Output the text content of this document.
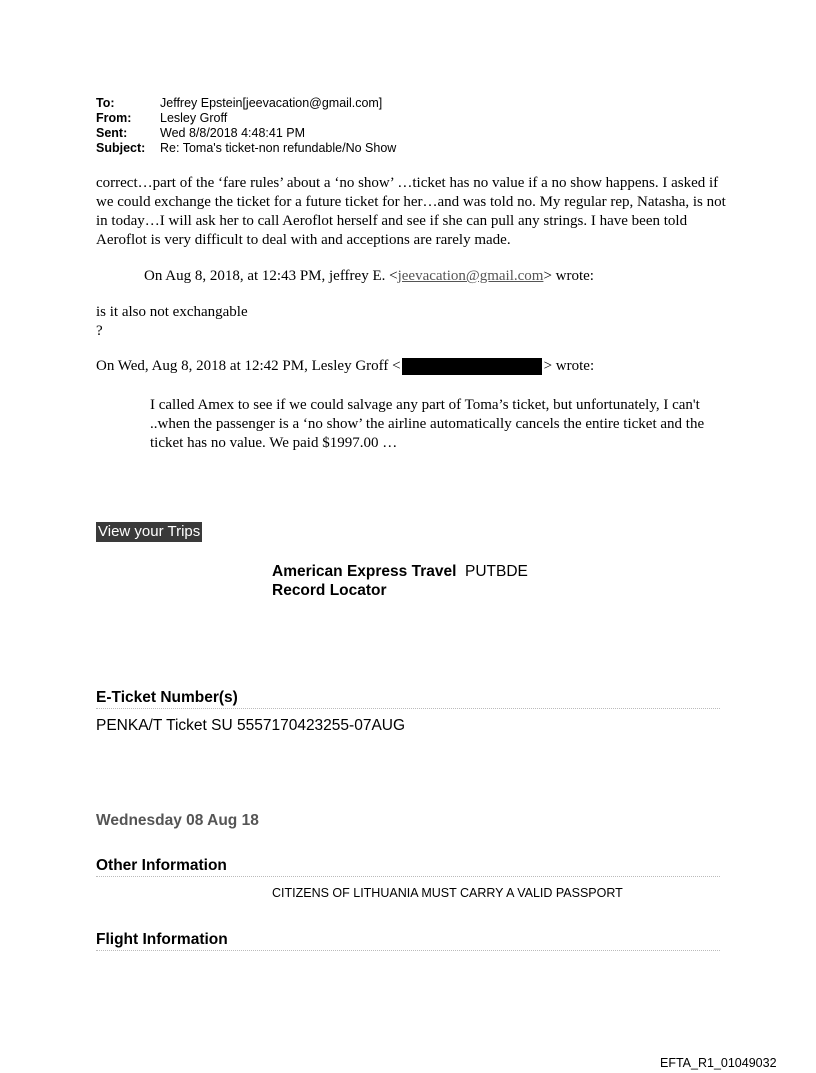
To:	Jeffrey Epstein[jeevacation@gmail.com]
From:	Lesley Groff
Sent:	Wed 8/8/2018 4:48:41 PM
Subject:	Re: Toma's ticket-non refundable/No Show
correct…part of the ‘fare rules’ about a ‘no show’ …ticket has no value if a no show happens. I asked if we could exchange the ticket for a future ticket for her…and was told no. My regular rep, Natasha, is not in today…I will ask her to call Aeroflot herself and see if she can pull any strings. I have been told Aeroflot is very difficult to deal with and acceptions are rarely made.
On Aug 8, 2018, at 12:43 PM, jeffrey E. <jeevacation@gmail.com> wrote:
is it also not exchangable
?
On Wed, Aug 8, 2018 at 12:42 PM, Lesley Groff <	> wrote:
I called Amex to see if we could salvage any part of Toma’s ticket, but unfortunately, I can't ..when the passenger is a ‘no show’ the airline automatically cancels the entire ticket and the ticket has no value. We paid $1997.00 …
View your Trips
American Express Travel PUTBDE
Record Locator
E-Ticket Number(s)
PENKA/T Ticket SU 5557170423255-07AUG
Wednesday 08 Aug 18
Other Information
CITIZENS OF LITHUANIA MUST CARRY A VALID PASSPORT
Flight Information
EFTA_R1_01049032
